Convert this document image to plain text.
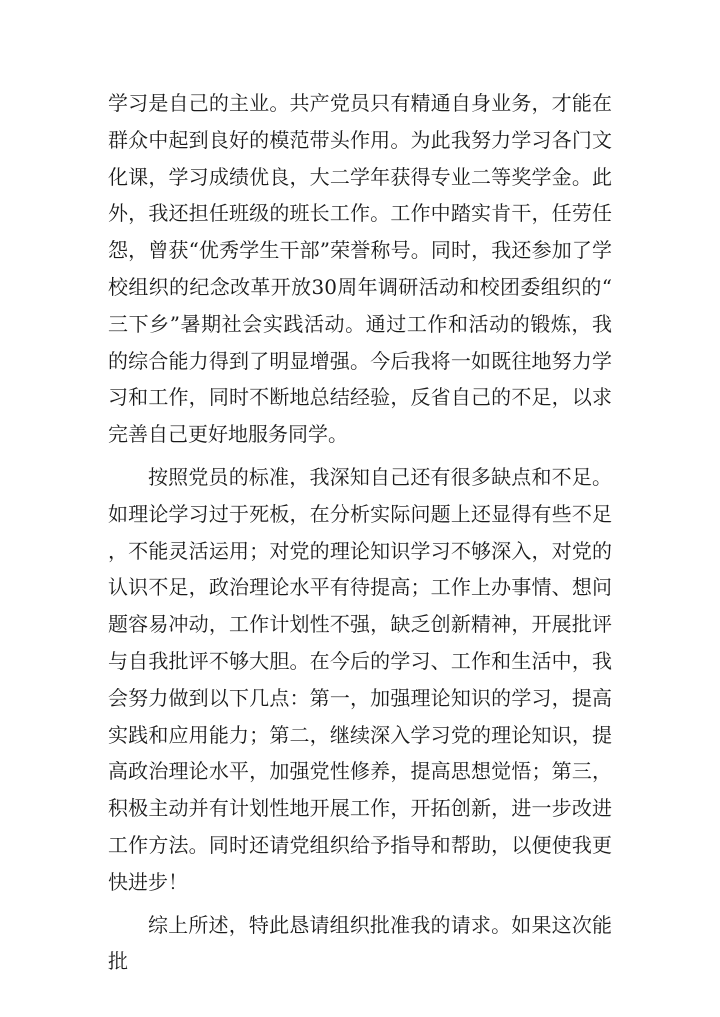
学习是自己的主业。共产党员只有精通自身业务，才能在群众中起到良好的模范带头作用。为此我努力学习各门文化课，学习成绩优良，大二学年获得专业二等奖学金。此外，我还担任班级的班长工作。工作中踏实肯干，任劳任怨，曾获“优秀学生干部”荣誉称号。同时，我还参加了学校组织的纪念改革开放30周年调研活动和校团委组织的“三下乡”暑期社会实践活动。通过工作和活动的锻炼，我的综合能力得到了明显增强。今后我将一如既往地努力学习和工作，同时不断地总结经验，反省自己的不足，以求完善自己更好地服务同学。

按照党员的标准，我深知自己还有很多缺点和不足。如理论学习过于死板，在分析实际问题上还显得有些不足，不能灵活运用；对党的理论知识学习不够深入，对党的认识不足，政治理论水平有待提高；工作上办事情、想问题容易冲动，工作计划性不强，缺乏创新精神，开展批评与自我批评不够大胆。在今后的学习、工作和生活中，我会努力做到以下几点：第一，加强理论知识的学习，提高实践和应用能力；第二，继续深入学习党的理论知识，提高政治理论水平，加强党性修养，提高思想觉悟；第三，积极主动并有计划性地开展工作，开拓创新，进一步改进工作方法。同时还请党组织给予指导和帮助，以便使我更快进步！

综上所述，特此恳请组织批准我的请求。如果这次能批
